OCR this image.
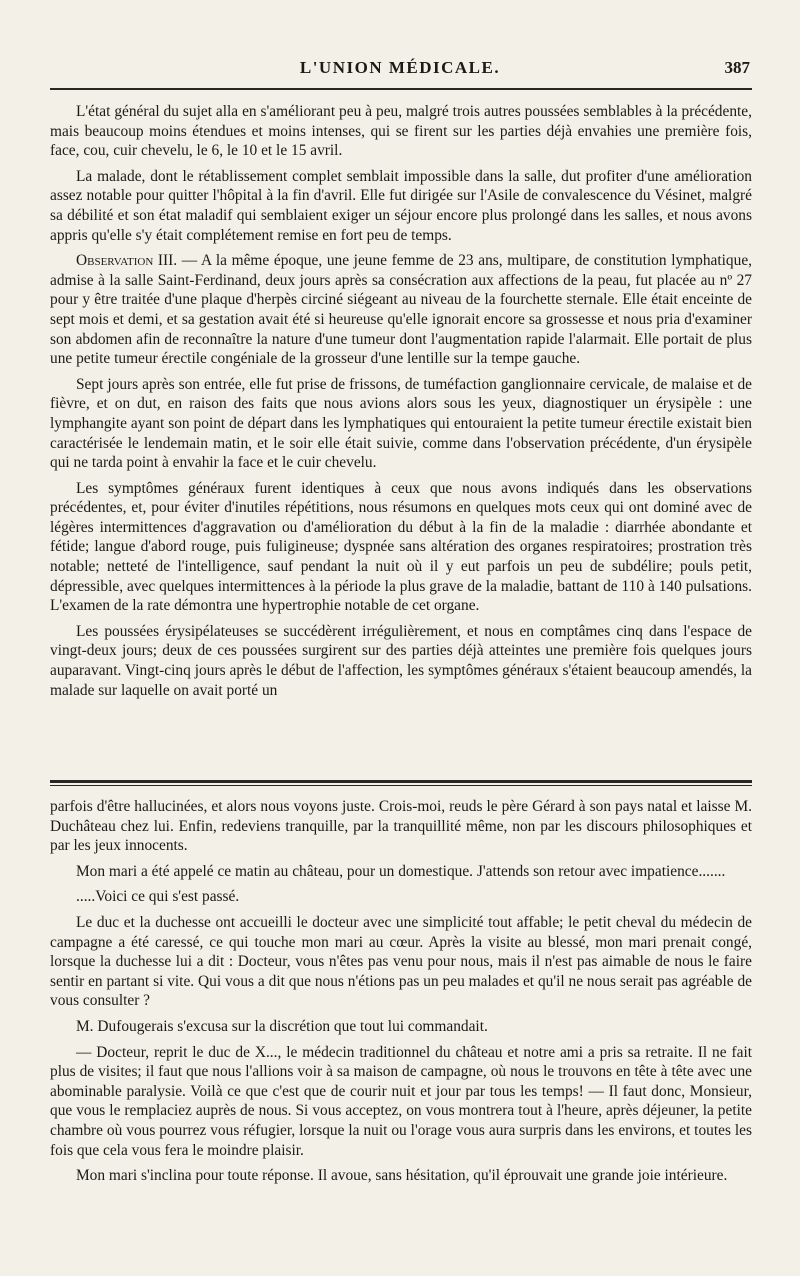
L'UNION MÉDICALE.	387

L'état général du sujet alla en s'améliorant peu à peu, malgré trois autres poussées semblables à la précédente, mais beaucoup moins étendues et moins intenses, qui se firent sur les parties déjà envahies une première fois, face, cou, cuir chevelu, le 6, le 10 et le 15 avril.

La malade, dont le rétablissement complet semblait impossible dans la salle, dut profiter d'une amélioration assez notable pour quitter l'hôpital à la fin d'avril. Elle fut dirigée sur l'Asile de convalescence du Vésinet, malgré sa débilité et son état maladif qui semblaient exiger un séjour encore plus prolongé dans les salles, et nous avons appris qu'elle s'y était complétement remise en fort peu de temps.

Observation III. — A la même époque, une jeune femme de 23 ans, multipare, de constitution lymphatique, admise à la salle Saint-Ferdinand, deux jours après sa consécration aux affections de la peau, fut placée au nº 27 pour y être traitée d'une plaque d'herpès circiné siégeant au niveau de la fourchette sternale. Elle était enceinte de sept mois et demi, et sa gestation avait été si heureuse qu'elle ignorait encore sa grossesse et nous pria d'examiner son abdomen afin de reconnaître la nature d'une tumeur dont l'augmentation rapide l'alarmait. Elle portait de plus une petite tumeur érectile congéniale de la grosseur d'une lentille sur la tempe gauche.

Sept jours après son entrée, elle fut prise de frissons, de tuméfaction ganglionnaire cervicale, de malaise et de fièvre, et on dut, en raison des faits que nous avions alors sous les yeux, diagnostiquer un érysipèle : une lymphangite ayant son point de départ dans les lymphatiques qui entouraient la petite tumeur érectile existait bien caractérisée le lendemain matin, et le soir elle était suivie, comme dans l'observation précédente, d'un érysipèle qui ne tarda point à envahir la face et le cuir chevelu.

Les symptômes généraux furent identiques à ceux que nous avons indiqués dans les observations précédentes, et, pour éviter d'inutiles répétitions, nous résumons en quelques mots ceux qui ont dominé avec de légères intermittences d'aggravation ou d'amélioration du début à la fin de la maladie : diarrhée abondante et fétide; langue d'abord rouge, puis fuligineuse; dyspnée sans altération des organes respiratoires; prostration très notable; netteté de l'intelligence, sauf pendant la nuit où il y eut parfois un peu de subdélire; pouls petit, dépressible, avec quelques intermittences à la période la plus grave de la maladie, battant de 110 à 140 pulsations. L'examen de la rate démontra une hypertrophie notable de cet organe.

Les poussées érysipélateuses se succédèrent irrégulièrement, et nous en comptâmes cinq dans l'espace de vingt-deux jours; deux de ces poussées surgirent sur des parties déjà atteintes une première fois quelques jours auparavant. Vingt-cinq jours après le début de l'affection, les symptômes généraux s'étaient beaucoup amendés, la malade sur laquelle on avait porté un

parfois d'être hallucinées, et alors nous voyons juste. Crois-moi, reuds le père Gérard à son pays natal et laisse M. Duchâteau chez lui. Enfin, redeviens tranquille, par la tranquillité même, non par les discours philosophiques et par les jeux innocents.

Mon mari a été appelé ce matin au château, pour un domestique. J'attends son retour avec impatience.......

.....Voici ce qui s'est passé.

Le duc et la duchesse ont accueilli le docteur avec une simplicité tout affable; le petit cheval du médecin de campagne a été caressé, ce qui touche mon mari au cœur. Après la visite au blessé, mon mari prenait congé, lorsque la duchesse lui a dit : Docteur, vous n'êtes pas venu pour nous, mais il n'est pas aimable de nous le faire sentir en partant si vite. Qui vous a dit que nous n'étions pas un peu malades et qu'il ne nous serait pas agréable de vous consulter ?

M. Dufougerais s'excusa sur la discrétion que tout lui commandait.

— Docteur, reprit le duc de X..., le médecin traditionnel du château et notre ami a pris sa retraite. Il ne fait plus de visites; il faut que nous l'allions voir à sa maison de campagne, où nous le trouvons en tête à tête avec une abominable paralysie. Voilà ce que c'est que de courir nuit et jour par tous les temps! — Il faut donc, Monsieur, que vous le remplaciez auprès de nous. Si vous acceptez, on vous montrera tout à l'heure, après déjeuner, la petite chambre où vous pourrez vous réfugier, lorsque la nuit ou l'orage vous aura surpris dans les environs, et toutes les fois que cela vous fera le moindre plaisir.

Mon mari s'inclina pour toute réponse. Il avoue, sans hésitation, qu'il éprouvait une grande joie intérieure.
